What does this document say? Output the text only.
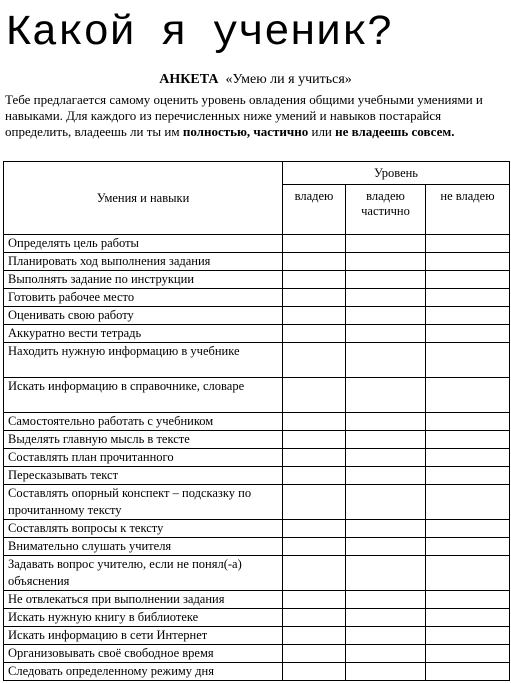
Какой я ученик?
АНКЕТА «Умею ли я учиться»
Тебе предлагается самому оценить уровень овладения общими учебными умениями и навыками. Для каждого из перечисленных ниже умений и навыков постарайся определить, владеешь ли ты им полностью, частично или не владеешь совсем.
Умения и навыки	Уровень		
	владею	владею частично	не владею
Определять цель работы			
Планировать ход выполнения задания			
Выполнять задание по инструкции			
Готовить рабочее место			
Оценивать свою работу			
Аккуратно вести тетрадь			
Находить нужную информацию в учебнике			
Искать информацию в справочнике, словаре			
Самостоятельно работать с учебником			
Выделять главную мысль в тексте			
Составлять план прочитанного			
Пересказывать текст			
Составлять опорный конспект – подсказку по прочитанному тексту			
Составлять вопросы к тексту			
Внимательно слушать учителя			
Задавать вопрос учителю, если не понял(-а) объяснения			
Не отвлекаться при выполнении задания			
Искать нужную книгу в библиотеке			
Искать информацию в сети Интернет			
Организовывать своё свободное время			
Следовать определенному режиму дня			
